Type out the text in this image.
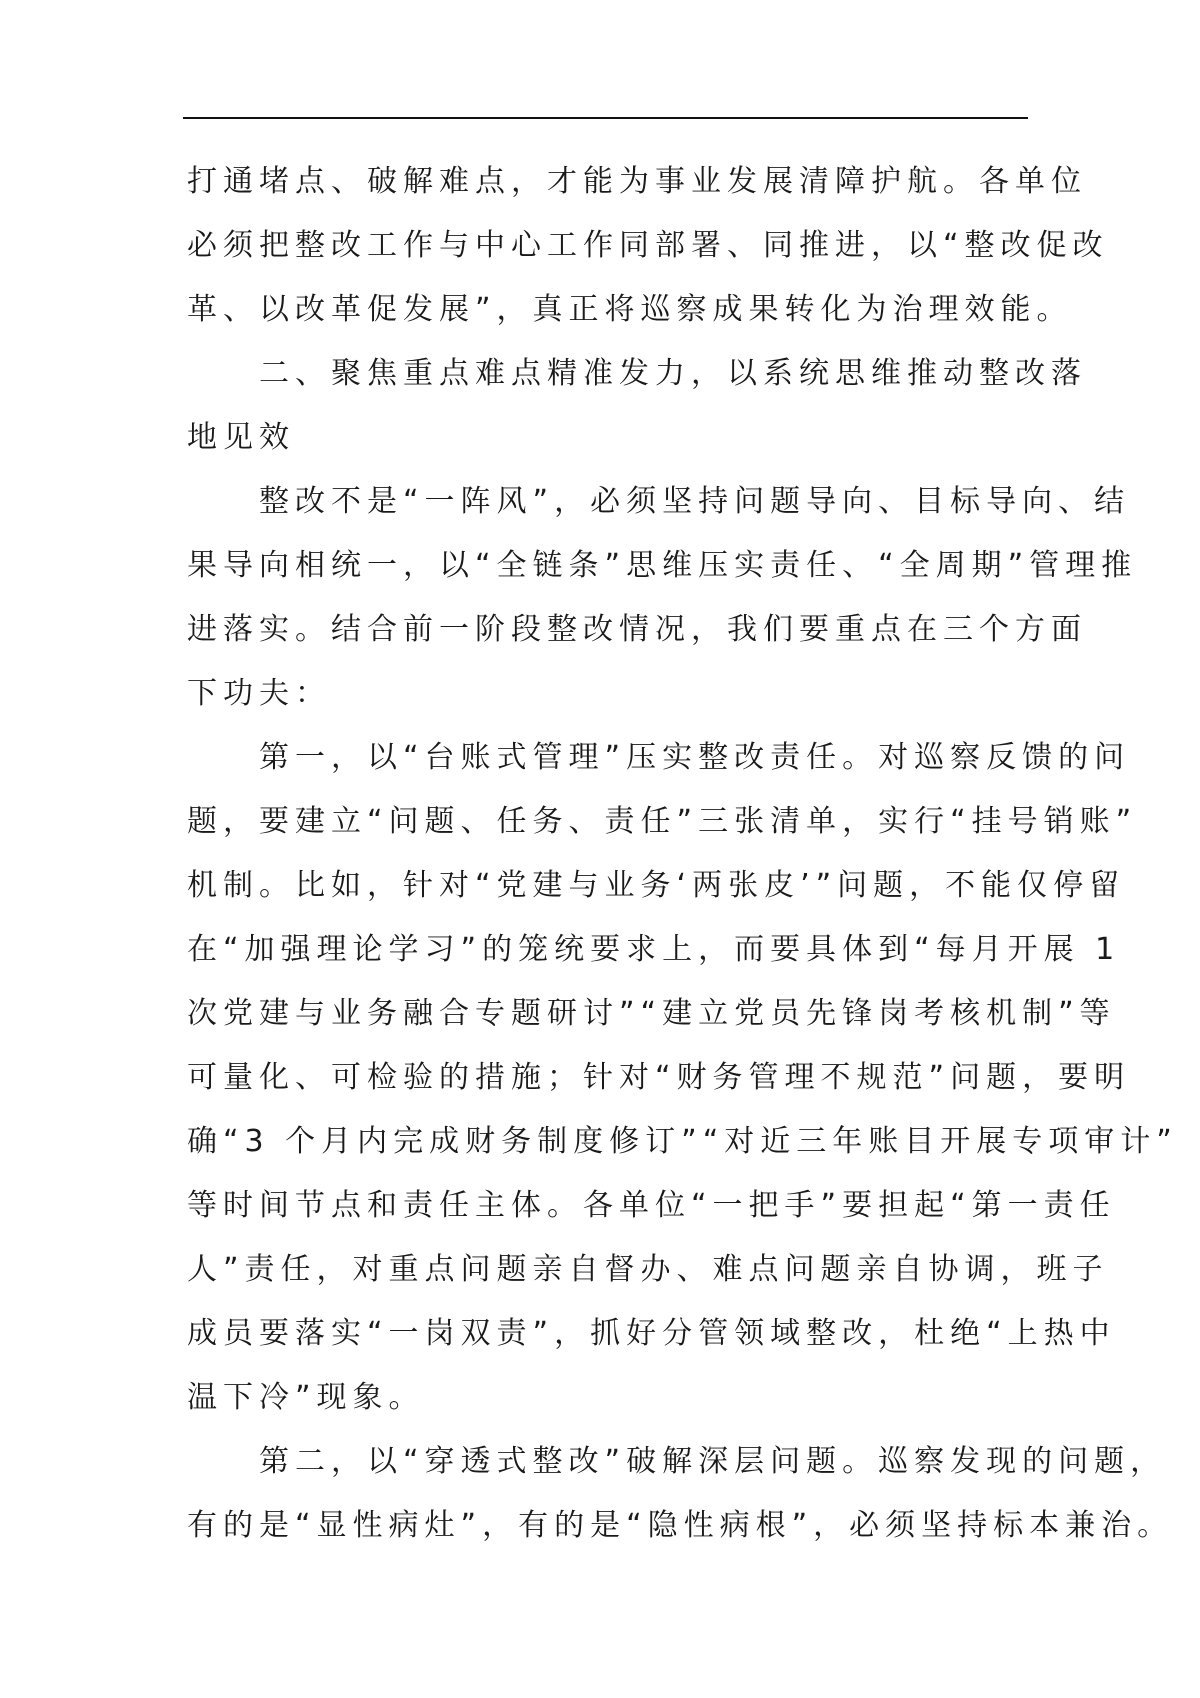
打通堵点、破解难点，才能为事业发展清障护航。各单位
必须把整改工作与中心工作同部署、同推进，以“整改促改
革、以改革促发展”，真正将巡察成果转化为治理效能。
　　二、聚焦重点难点精准发力，以系统思维推动整改落
地见效
　　整改不是“一阵风”，必须坚持问题导向、目标导向、结
果导向相统一，以“全链条”思维压实责任、“全周期”管理推
进落实。结合前一阶段整改情况，我们要重点在三个方面
下功夫：
　　第一，以“台账式管理”压实整改责任。对巡察反馈的问
题，要建立“问题、任务、责任”三张清单，实行“挂号销账”
机制。比如，针对“党建与业务‘两张皮’”问题，不能仅停留
在“加强理论学习”的笼统要求上，而要具体到“每月开展 1
次党建与业务融合专题研讨”“建立党员先锋岗考核机制”等
可量化、可检验的措施；针对“财务管理不规范”问题，要明
确“3 个月内完成财务制度修订”“对近三年账目开展专项审计”
等时间节点和责任主体。各单位“一把手”要担起“第一责任
人”责任，对重点问题亲自督办、难点问题亲自协调，班子
成员要落实“一岗双责”，抓好分管领域整改，杜绝“上热中
温下冷”现象。
　　第二，以“穿透式整改”破解深层问题。巡察发现的问题，
有的是“显性病灶”，有的是“隐性病根”，必须坚持标本兼治。
